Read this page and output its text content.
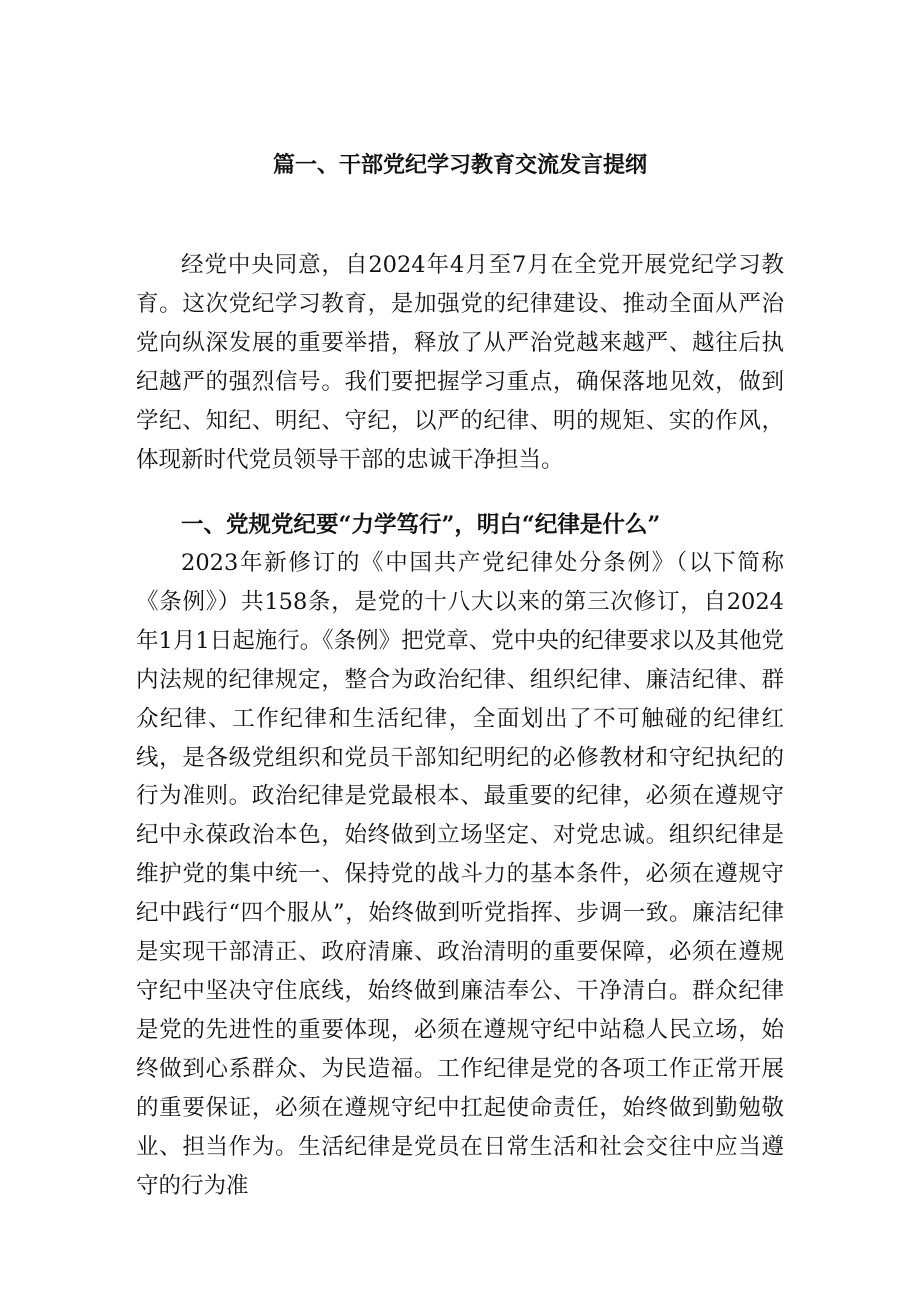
篇一、干部党纪学习教育交流发言提纲

经党中央同意，自2024年4月至7月在全党开展党纪学习教育。这次党纪学习教育，是加强党的纪律建设、推动全面从严治党向纵深发展的重要举措，释放了从严治党越来越严、越往后执纪越严的强烈信号。我们要把握学习重点，确保落地见效，做到学纪、知纪、明纪、守纪，以严的纪律、明的规矩、实的作风，体现新时代党员领导干部的忠诚干净担当。

一、党规党纪要“力学笃行”，明白“纪律是什么”

2023年新修订的《中国共产党纪律处分条例》（以下简称《条例》）共158条，是党的十八大以来的第三次修订，自2024年1月1日起施行。《条例》把党章、党中央的纪律要求以及其他党内法规的纪律规定，整合为政治纪律、组织纪律、廉洁纪律、群众纪律、工作纪律和生活纪律，全面划出了不可触碰的纪律红线，是各级党组织和党员干部知纪明纪的必修教材和守纪执纪的行为准则。政治纪律是党最根本、最重要的纪律，必须在遵规守纪中永葆政治本色，始终做到立场坚定、对党忠诚。组织纪律是维护党的集中统一、保持党的战斗力的基本条件，必须在遵规守纪中践行“四个服从”，始终做到听党指挥、步调一致。廉洁纪律是实现干部清正、政府清廉、政治清明的重要保障，必须在遵规守纪中坚决守住底线，始终做到廉洁奉公、干净清白。群众纪律是党的先进性的重要体现，必须在遵规守纪中站稳人民立场，始终做到心系群众、为民造福。工作纪律是党的各项工作正常开展的重要保证，必须在遵规守纪中扛起使命责任，始终做到勤勉敬业、担当作为。生活纪律是党员在日常生活和社会交往中应当遵守的行为准
